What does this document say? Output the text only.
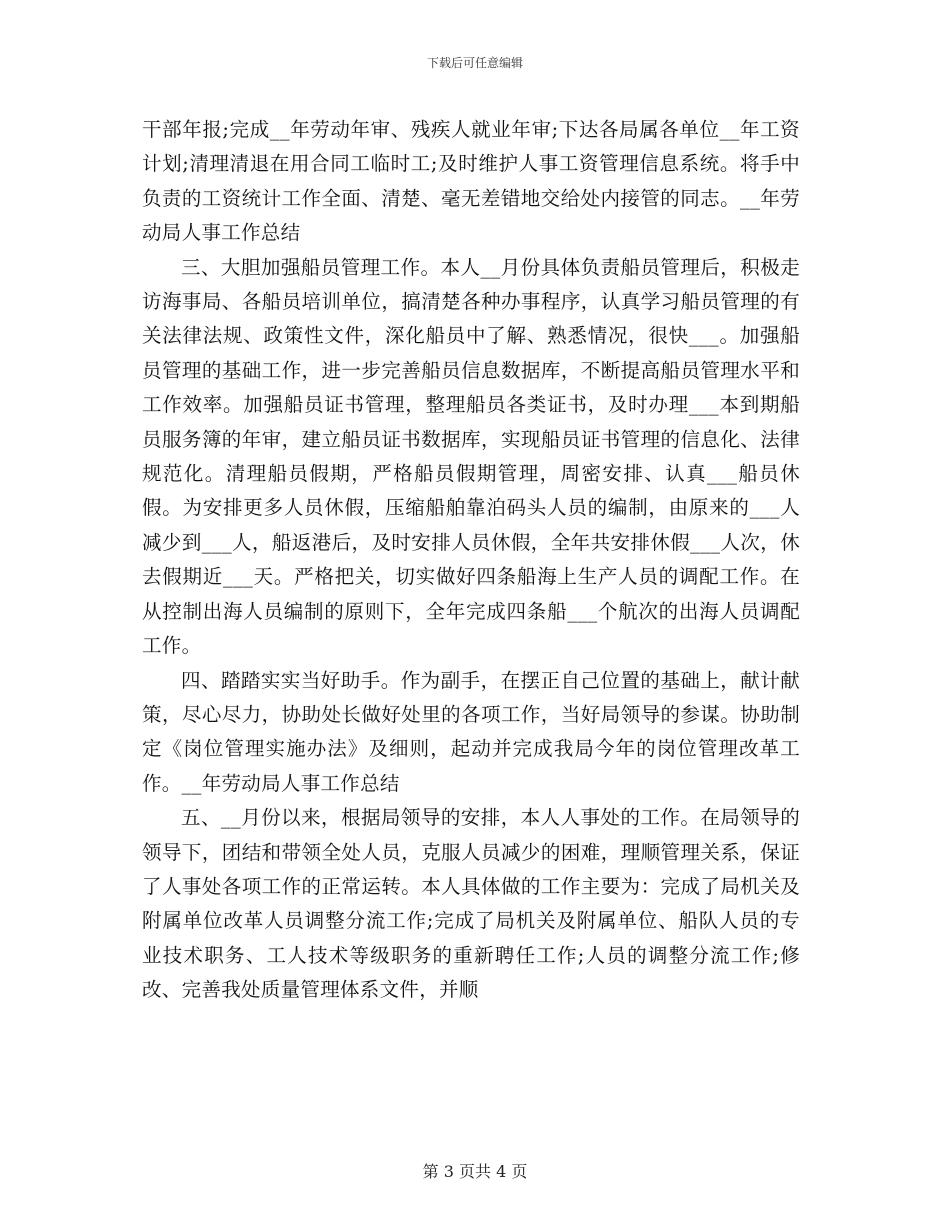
下载后可任意编辑

干部年报;完成__年劳动年审、残疾人就业年审;下达各局属各单位__年工资计划;清理清退在用合同工临时工;及时维护人事工资管理信息系统。将手中负责的工资统计工作全面、清楚、毫无差错地交给处内接管的同志。__年劳动局人事工作总结

三、大胆加强船员管理工作。本人__月份具体负责船员管理后，积极走访海事局、各船员培训单位，搞清楚各种办事程序，认真学习船员管理的有关法律法规、政策性文件，深化船员中了解、熟悉情况，很快___。加强船员管理的基础工作，进一步完善船员信息数据库，不断提高船员管理水平和工作效率。加强船员证书管理，整理船员各类证书，及时办理___本到期船员服务簿的年审，建立船员证书数据库，实现船员证书管理的信息化、法律规范化。清理船员假期，严格船员假期管理，周密安排、认真___船员休假。为安排更多人员休假，压缩船舶靠泊码头人员的编制，由原来的___人减少到___人，船返港后，及时安排人员休假，全年共安排休假___人次，休去假期近___天。严格把关，切实做好四条船海上生产人员的调配工作。在从控制出海人员编制的原则下，全年完成四条船___个航次的出海人员调配工作。

四、踏踏实实当好助手。作为副手，在摆正自己位置的基础上，献计献策，尽心尽力，协助处长做好处里的各项工作，当好局领导的参谋。协助制定《岗位管理实施办法》及细则，起动并完成我局今年的岗位管理改革工作。__年劳动局人事工作总结

五、__月份以来，根据局领导的安排，本人人事处的工作。在局领导的领导下，团结和带领全处人员，克服人员减少的困难，理顺管理关系，保证了人事处各项工作的正常运转。本人具体做的工作主要为：完成了局机关及附属单位改革人员调整分流工作;完成了局机关及附属单位、船队人员的专业技术职务、工人技术等级职务的重新聘任工作;人员的调整分流工作;修改、完善我处质量管理体系文件，并顺

第 3 页共 4 页
